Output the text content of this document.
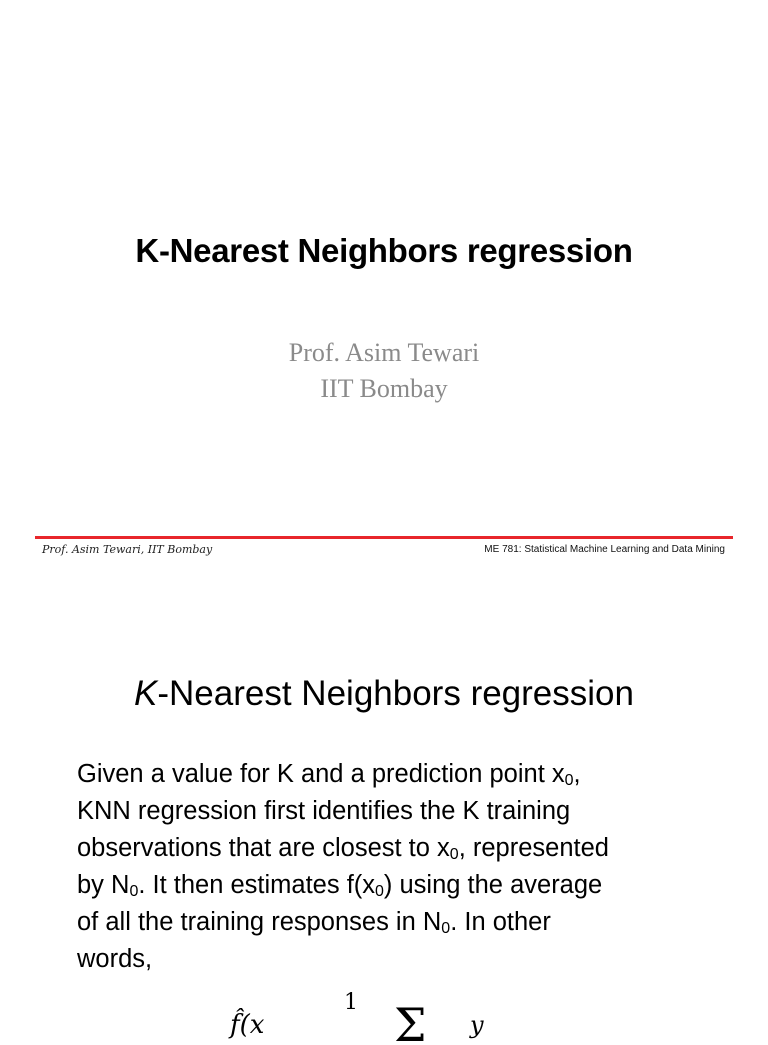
K-Nearest Neighbors regression
Prof. Asim Tewari
IIT Bombay
Prof. Asim Tewari, IIT Bombay	ME 781: Statistical Machine Learning and Data Mining
K-Nearest Neighbors regression
Given a value for K and a prediction point $x_0$,
KNN regression first identifies the K training
observations that are closest to $x_0$, represented
by $N_0$. It then estimates $f(x_0)$ using the average
of all the training responses in $N_0$. In other
words,
f̂(x
1 Σ y
